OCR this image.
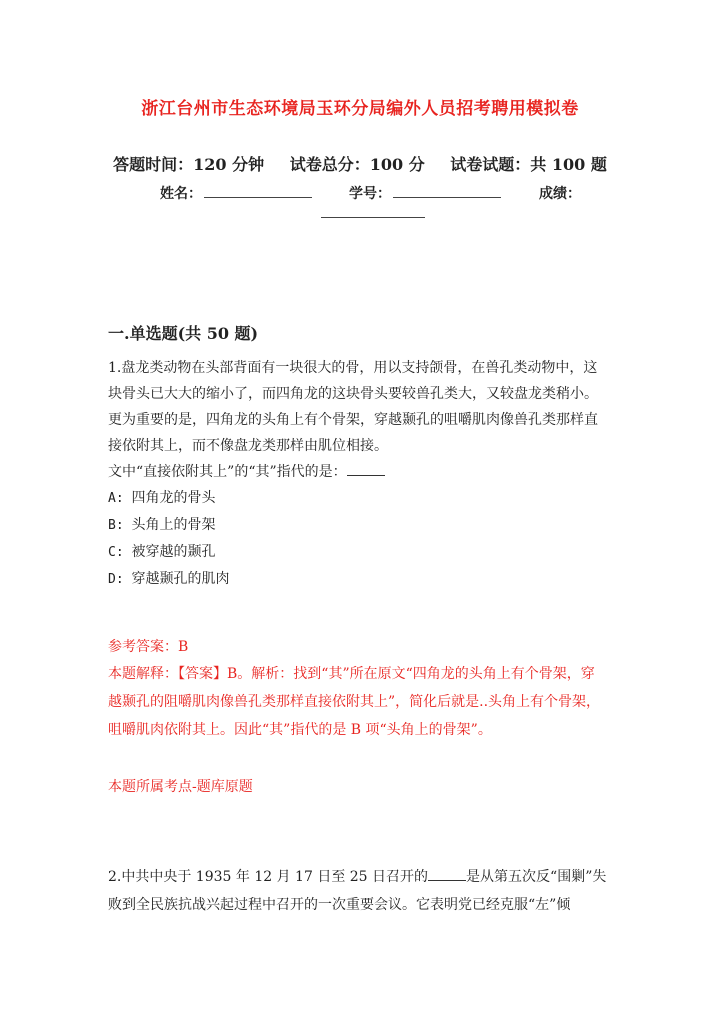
浙江台州市生态环境局玉环分局编外人员招考聘用模拟卷
答题时间：120 分钟 试卷总分：100 分 试卷试题：共 100 题
姓名：	学号：	成绩：
一.单选题(共 50 题)

1.盘龙类动物在头部背面有一块很大的骨，用以支持颌骨，在兽孔类动物中，这块骨头已大大的缩小了，而四角龙的这块骨头要较兽孔类大，又较盘龙类稍小。更为重要的是，四角龙的头角上有个骨架，穿越颞孔的咀嚼肌肉像兽孔类那样直接依附其上，而不像盘龙类那样由肌位相接。

文中“直接依附其上”的“其”指代的是：

A: 四角龙的骨头

B: 头角上的骨架

C: 被穿越的颞孔

D: 穿越颞孔的肌肉

参考答案：B
本题解释：【答案】B。解析：找到“其”所在原文“四角龙的头角上有个骨架，穿越颞孔的阻嚼肌肉像兽孔类那样直接依附其上”，简化后就是..头角上有个骨架，咀嚼肌肉依附其上。因此“其”指代的是 B 项“头角上的骨架”。
本题所属考点-题库原题
2.中共中央于 1935 年 12 月 17 日至 25 日召开的	是从第五次反“围剿”失败到全民族抗战兴起过程中召开的一次重要会议。它表明党已经克服“左”倾
